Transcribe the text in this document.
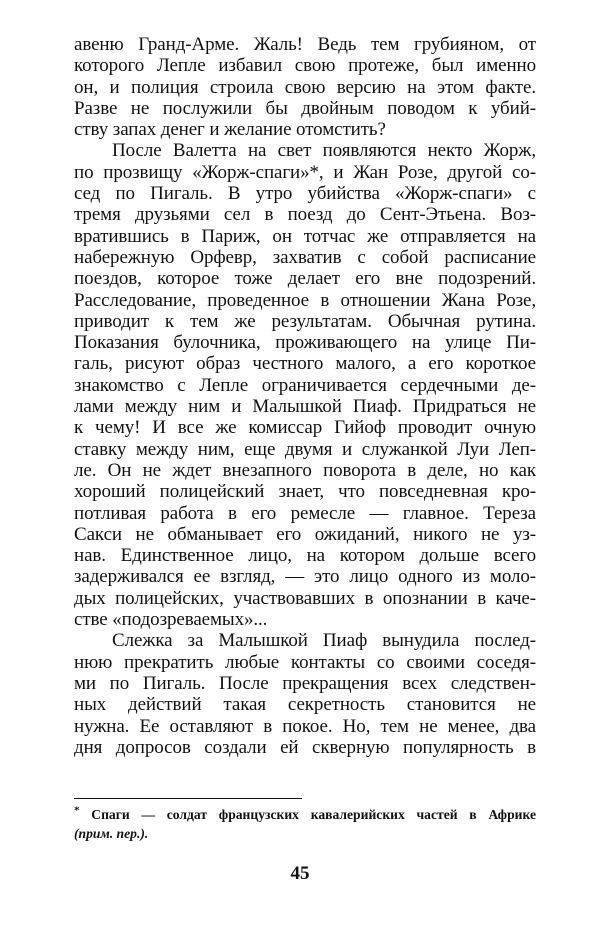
авеню Гранд-Арме. Жаль! Ведь тем грубияном, от
которого Лепле избавил свою протеже, был именно
он, и полиция строила свою версию на этом факте.
Разве не послужили бы двойным поводом к убий-
ству запах денег и желание отомстить?
После Валетта на свет появляются некто Жорж,
по прозвищу «Жорж-спаги»*, и Жан Розе, другой со-
сед по Пигаль. В утро убийства «Жорж-спаги» с
тремя друзьями сел в поезд до Сент-Этьена. Воз-
вратившись в Париж, он тотчас же отправляется на
набережную Орфевр, захватив с собой расписание
поездов, которое тоже делает его вне подозрений.
Расследование, проведенное в отношении Жана Розе,
приводит к тем же результатам. Обычная рутина.
Показания булочника, проживающего на улице Пи-
галь, рисуют образ честного малого, а его короткое
знакомство с Лепле ограничивается сердечными де-
лами между ним и Малышкой Пиаф. Придраться не
к чему! И все же комиссар Гийоф проводит очную
ставку между ним, еще двумя и служанкой Луи Леп-
ле. Он не ждет внезапного поворота в деле, но как
хороший полицейский знает, что повседневная кро-
потливая работа в его ремесле — главное. Тереза
Сакси не обманывает его ожиданий, никого не уз-
нав. Единственное лицо, на котором дольше всего
задерживался ее взгляд, — это лицо одного из моло-
дых полицейских, участвовавших в опознании в каче-
стве «подозреваемых»...
Слежка за Малышкой Пиаф вынудила послед-
нюю прекратить любые контакты со своими соседя-
ми по Пигаль. После прекращения всех следствен-
ных действий такая секретность становится не
нужна. Ее оставляют в покое. Но, тем не менее, два
дня допросов создали ей скверную популярность в
* Спаги — солдат французских кавалерийских частей в Африке
(прим. пер.).
45
